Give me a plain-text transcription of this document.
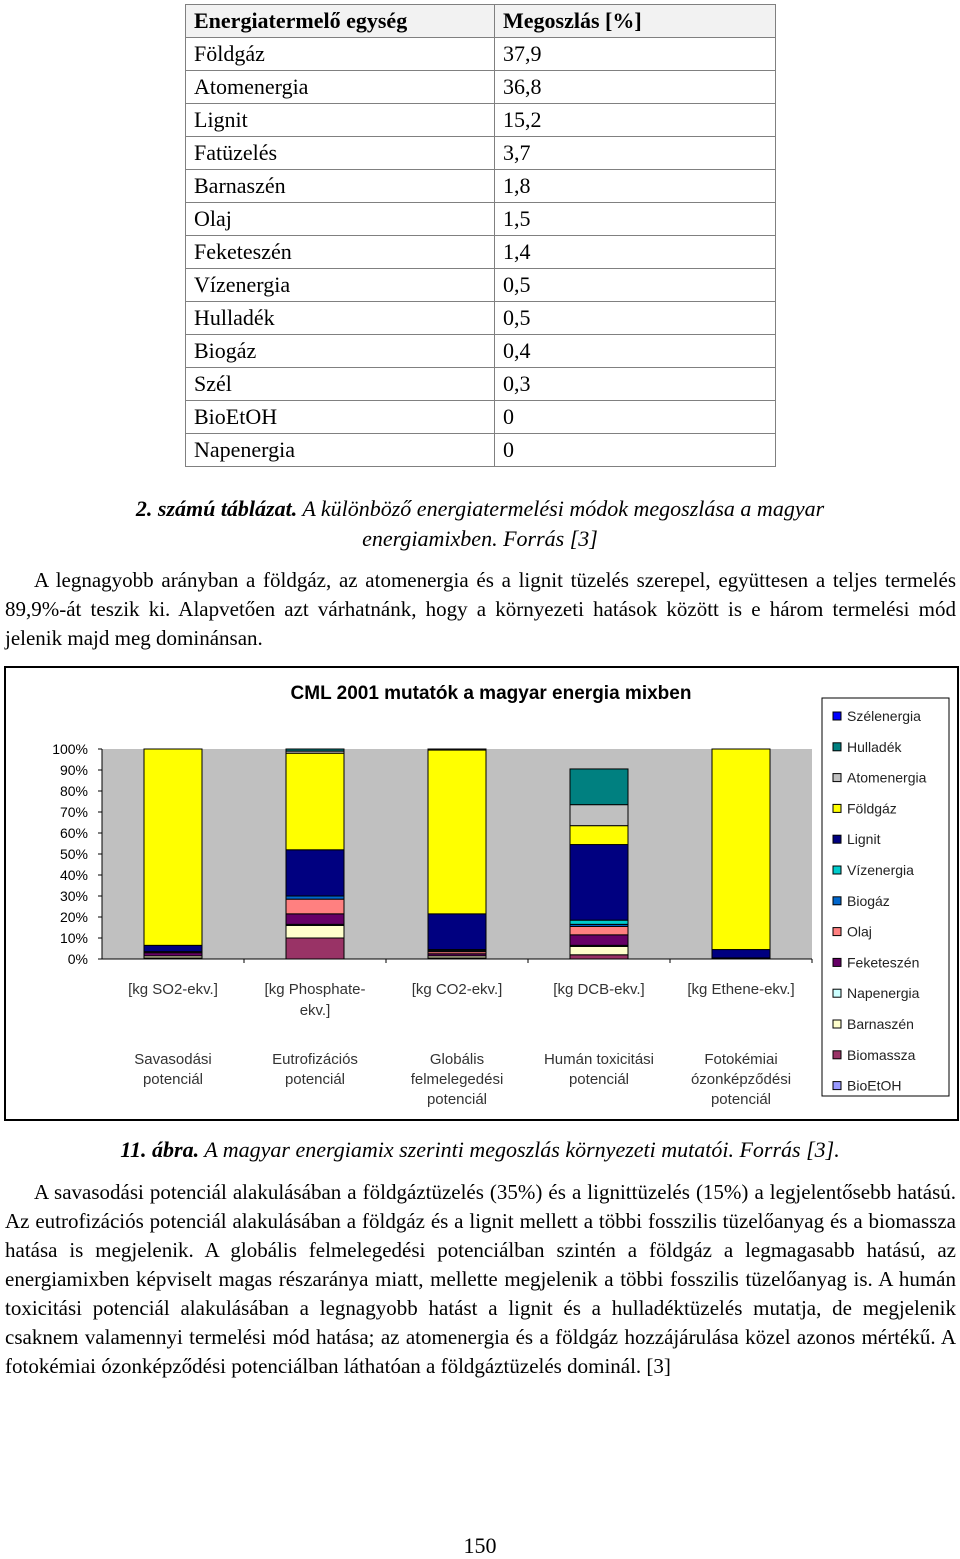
Energiatermelő egység	Megoszlás [%]
Földgáz	37,9
Atomenergia	36,8
Lignit	15,2
Fatüzelés	3,7
Barnaszén	1,8
Olaj	1,5
Feketeszén	1,4
Vízenergia	0,5
Hulladék	0,5
Biogáz	0,4
Szél	0,3
BioEtOH	0
Napenergia	0
2. számú táblázat. A különböző energiatermelési módok megoszlása a magyar
energiamixben. Forrás [3]

A legnagyobb arányban a földgáz, az atomenergia és a lignit tüzelés szerepel, együttesen a teljes termelés 89,9%-át teszik ki. Alapvetően azt várhatnánk, hogy a környezeti hatások között is e három termelési mód jelenik majd meg dominánsan.

CML 2001 mutatók a magyar energia mixben
100%
90%
80%
70%
60%
50%
40%
30%
20%
10%
0%
[kg SO2-ekv.]
Savasodási
potenciál
[kg Phosphate-
ekv.]
Eutrofizációs
potenciál
[kg CO2-ekv.]
Globális
felmelegedési
potenciál
[kg DCB-ekv.]
Humán toxicitási
potenciál
[kg Ethene-ekv.]
Fotokémiai
ózonképződési
potenciál
Szélenergia
Hulladék
Atomenergia
Földgáz
Lignit
Vízenergia
Biogáz
Olaj
Feketeszén
Napenergia
Barnaszén
Biomassza
BioEtOH
11. ábra. A magyar energiamix szerinti megoszlás környezeti mutatói. Forrás [3].

A savasodási potenciál alakulásában a földgáztüzelés (35%) és a lignittüzelés (15%) a legjelentősebb hatású. Az eutrofizációs potenciál alakulásában a földgáz és a lignit mellett a többi fosszilis tüzelőanyag és a biomassza hatása is megjelenik. A globális felmelegedési potenciálban szintén a földgáz a legmagasabb hatású, az energiamixben képviselt magas részaránya miatt, mellette megjelenik a többi fosszilis tüzelőanyag is. A humán toxicitási potenciál alakulásában a legnagyobb hatást a lignit és a hulladéktüzelés mutatja, de megjelenik csaknem valamennyi termelési mód hatása; az atomenergia és a földgáz hozzájárulása közel azonos mértékű. A fotokémiai ózonképződési potenciálban láthatóan a földgáztüzelés dominál. [3]

150
